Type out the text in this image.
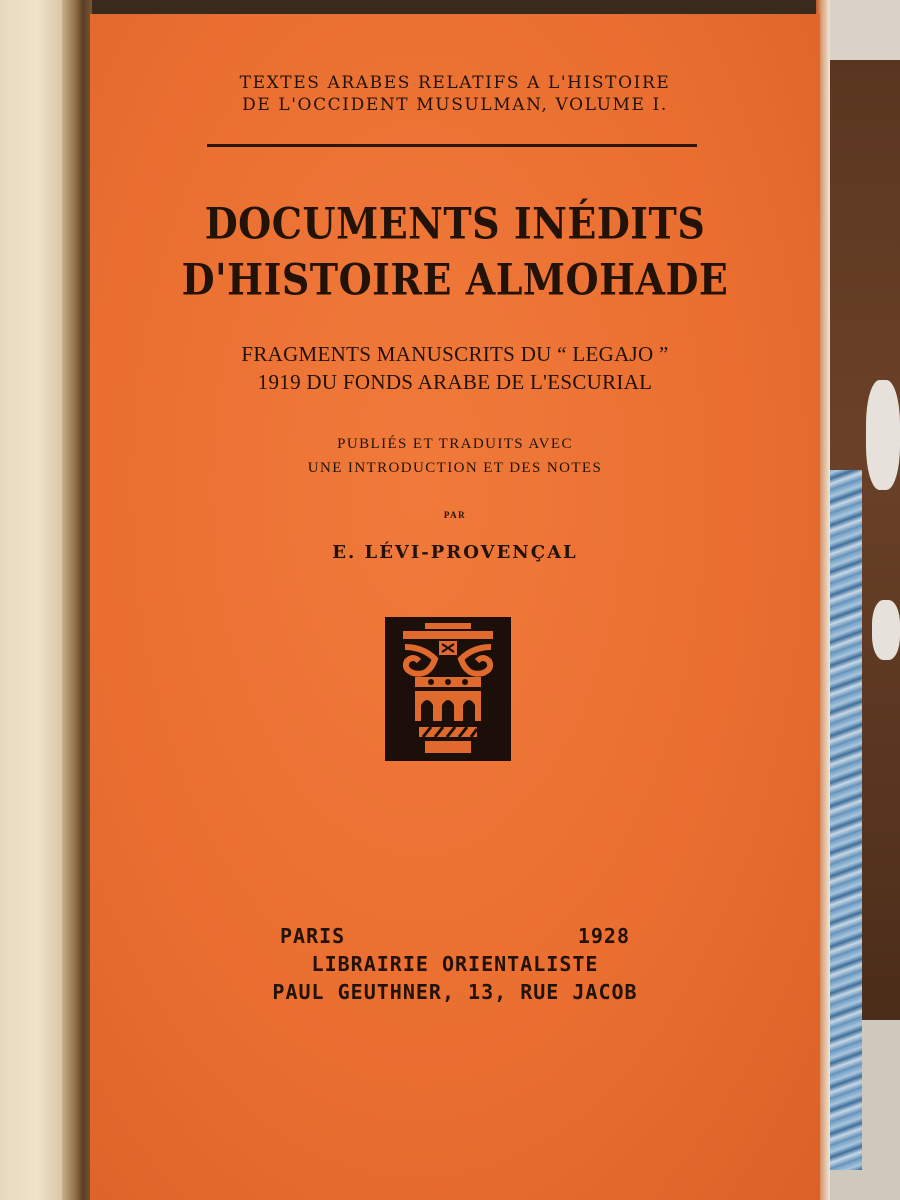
TEXTES ARABES RELATIFS A L'HISTOIRE
DE L'OCCIDENT MUSULMAN, VOLUME I.

DOCUMENTS INÉDITS
D'HISTOIRE ALMOHADE

FRAGMENTS MANUSCRITS DU “ LEGAJO ”
1919 DU FONDS ARABE DE L'ESCURIAL

PUBLIÉS ET TRADUITS AVEC
UNE INTRODUCTION ET DES NOTES

PAR

E. LÉVI-PROVENÇAL

PARIS	1928
LIBRAIRIE ORIENTALISTE
PAUL GEUTHNER, 13, RUE JACOB
